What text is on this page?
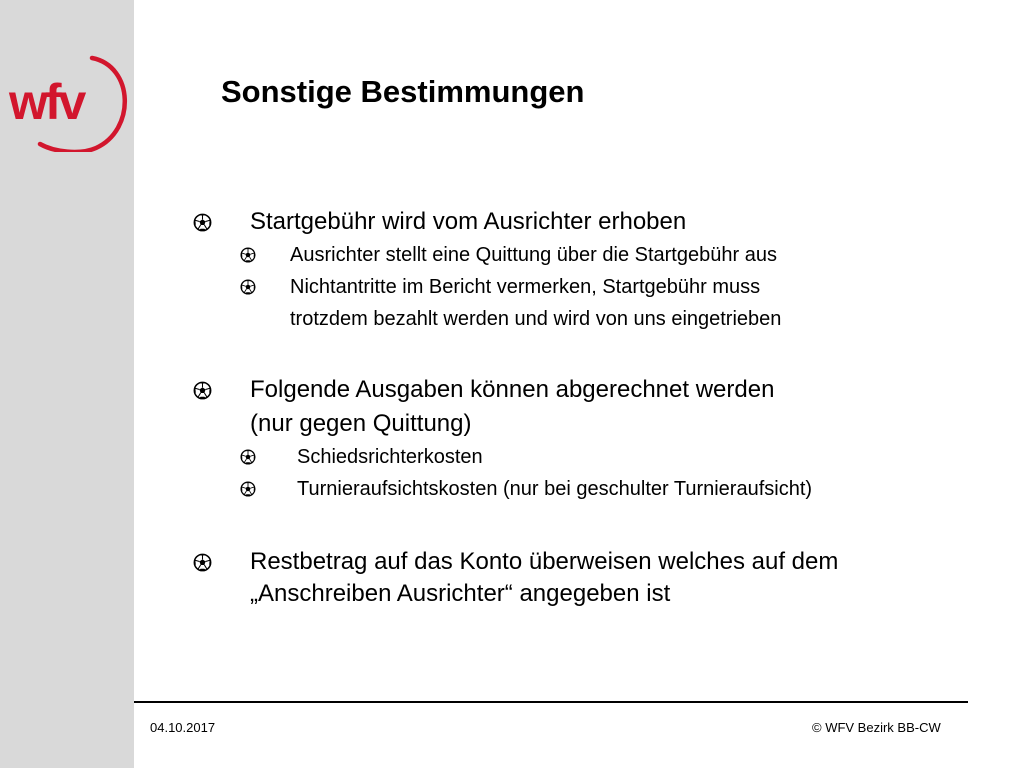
wfv	Sonstige Bestimmungen
Startgebühr wird vom Ausrichter erhoben
Ausrichter stellt eine Quittung über die Startgebühr aus
Nichtantritte im Bericht vermerken, Startgebühr muss
trotzdem bezahlt werden und wird von uns eingetrieben
Folgende Ausgaben können abgerechnet werden
(nur gegen Quittung)
Schiedsrichterkosten
Turnieraufsichtskosten (nur bei geschulter Turnieraufsicht)
Restbetrag auf das Konto überweisen welches auf dem
„Anschreiben Ausrichter“ angegeben ist
04.10.2017	© WFV Bezirk BB-CW
